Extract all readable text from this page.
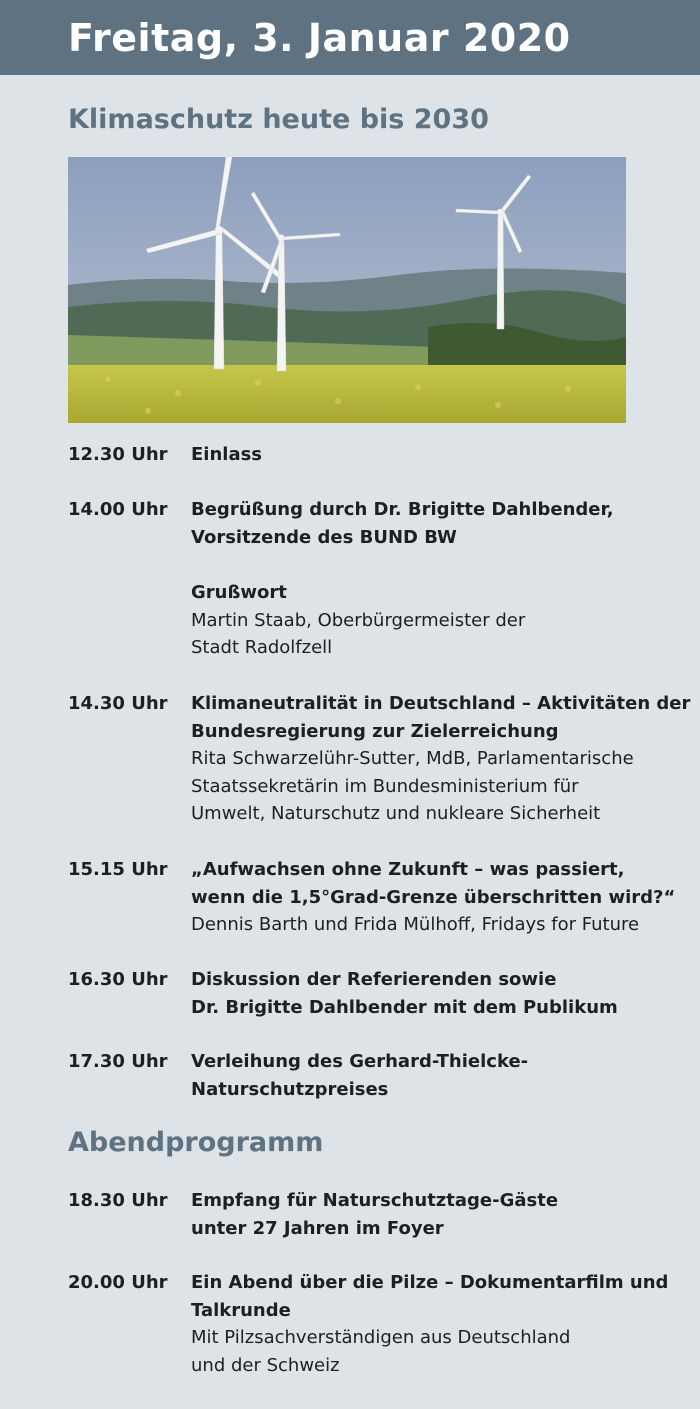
Freitag, 3. Januar 2020
Klimaschutz heute bis 2030
12.30 Uhr Einlass
14.00 Uhr Begrüßung durch Dr. Brigitte Dahlbender,
Vorsitzende des BUND BW
Grußwort
Martin Staab, Oberbürgermeister der
Stadt Radolfzell
14.30 Uhr Klimaneutralität in Deutschland – Aktivitäten der
Bundesregierung zur Zielerreichung
Rita Schwarzelühr-Sutter, MdB, Parlamentarische
Staatssekretärin im Bundesministerium für
Umwelt, Naturschutz und nukleare Sicherheit
15.15 Uhr „Aufwachsen ohne Zukunft – was passiert,
wenn die 1,5°Grad-Grenze überschritten wird?“
Dennis Barth und Frida Mülhoff, Fridays for Future
16.30 Uhr Diskussion der Referierenden sowie
Dr. Brigitte Dahlbender mit dem Publikum
17.30 Uhr Verleihung des Gerhard-Thielcke-
Naturschutzpreises
Abendprogramm
18.30 Uhr Empfang für Naturschutztage-Gäste
unter 27 Jahren im Foyer
20.00 Uhr Ein Abend über die Pilze – Dokumentarfilm und
Talkrunde
Mit Pilzsachverständigen aus Deutschland
und der Schweiz
